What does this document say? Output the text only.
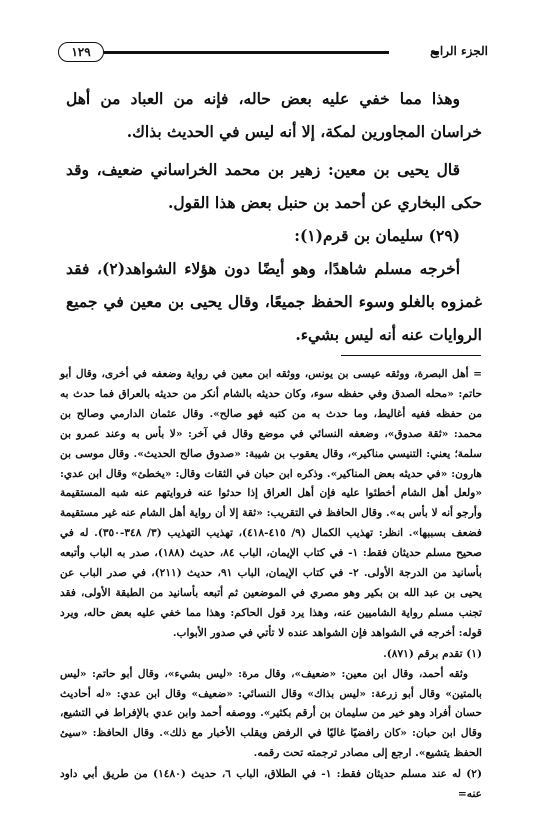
١٢٩	الجزء الرابع

وهذا مما خفي عليه بعض حاله، فإنه من العباد من أهل خراسان المجاورين لمكة، إلا أنه ليس في الحديث بذاك.

قال يحيى بن معين: زهير بن محمد الخراساني ضعيف، وقد حكى البخاري عن أحمد بن حنبل بعض هذا القول.

(٢٩) سليمان بن قرم(١):

أخرجه مسلم شاهدًا، وهو أيضًا دون هؤلاء الشواهد(٢)، فقد غمزوه بالغلو وسوء الحفظ جميعًا، وقال يحيى بن معين في جميع الروايات عنه أنه ليس بشيء.

= أهل البصرة، ووثقه عيسى بن يونس، ووثقه ابن معين في رواية وضعفه في أخرى، وقال أبو حاتم: «محله الصدق وفي حفظه سوء، وكان حديثه بالشام أنكر من حديثه بالعراق فما حدث به من حفظه ففيه أغاليط، وما حدث به من كتبه فهو صالح». وقال عثمان الدارمي وصالح بن محمد: «ثقة صدوق»، وضعفه النسائي في موضع وقال في آخر: «لا بأس به وعند عمرو بن سلمة؛ يعني: التنيسي مناكير»، وقال يعقوب بن شيبة: «صدوق صالح الحديث». وقال موسى بن هارون: «في حديثه بعض المناكير». وذكره ابن حبان في الثقات وقال: «يخطئ» وقال ابن عدي: «ولعل أهل الشام أخطئوا عليه فإن أهل العراق إذا حدثوا عنه فروايتهم عنه شبه المستقيمة وأرجو أنه لا بأس به». وقال الحافظ في التقريب: «ثقة إلا أن رواية أهل الشام عنه غير مستقيمة فضعف بسببها». انظر: تهذيب الكمال (٩/ ٤١٥-٤١٨)، تهذيب التهذيب (٣/ ٣٤٨-٣٥٠). له في صحيح مسلم حديثان فقط: ١- في كتاب الإيمان، الباب ٨٤، حديث (١٨٨)، صدر به الباب وأتبعه بأسانيد من الدرجة الأولى. ٢- في كتاب الإيمان، الباب ٩١، حديث (٢١١)، في صدر الباب عن يحيى بن عبد الله بن بكير وهو مصري في الموضعين ثم أتبعه بأسانيد من الطبقة الأولى، فقد تجنب مسلم رواية الشاميين عنه، وهذا يرد قول الحاكم: وهذا مما خفي عليه بعض حاله، ويرد قوله: أخرجه في الشواهد فإن الشواهد عنده لا تأتي في صدور الأبواب.

(١) تقدم برقم (٨٧١).

وثقه أحمد، وقال ابن معين: «ضعيف»، وقال مرة: «ليس بشيء»، وقال أبو حاتم: «ليس بالمتين» وقال أبو زرعة: «ليس بذاك» وقال النسائي: «ضعيف» وقال ابن عدي: «له أحاديث حسان أفراد وهو خير من سليمان بن أرقم بكثير». ووصفه أحمد وابن عدي بالإفراط في التشيع، وقال ابن حبان: «كان رافضيًا غاليًا في الرفض ويقلب الأخبار مع ذلك». وقال الحافظ: «سيئ الحفظ يتشيع». ارجع إلى مصادر ترجمته تحت رقمه.

(٢) له عند مسلم حديثان فقط: ١- في الطلاق، الباب ٦، حديث (١٤٨٠) من طريق أبي داود عنه=
